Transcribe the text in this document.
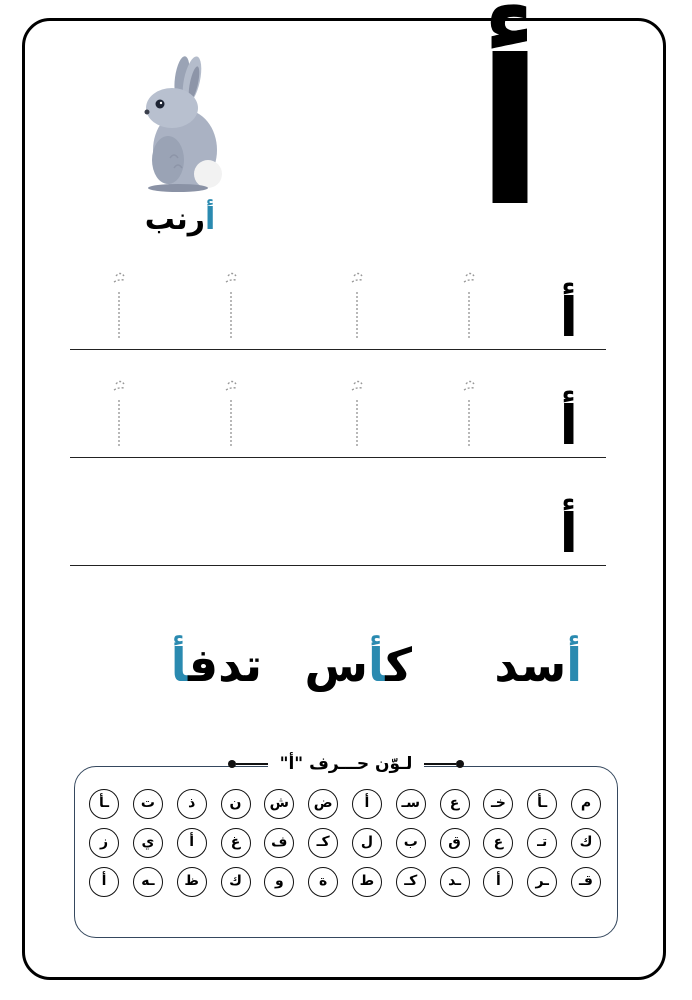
أ
أرنب
أ
أ
أ
أسد
كأس
تدفأ
م
ـأ
خـ
ع
سـ
أ
ض
ش
ن
ذ
ت
ـأ
ك
تـ
ع
ق
ب
ل
كـ
ف
غ
أ
ي
ز
قـ
ـر
أ
ـد
كـ
ط
ة
و
ك
ظ
ـه
أ
لـوّن حـــرف "أ"
